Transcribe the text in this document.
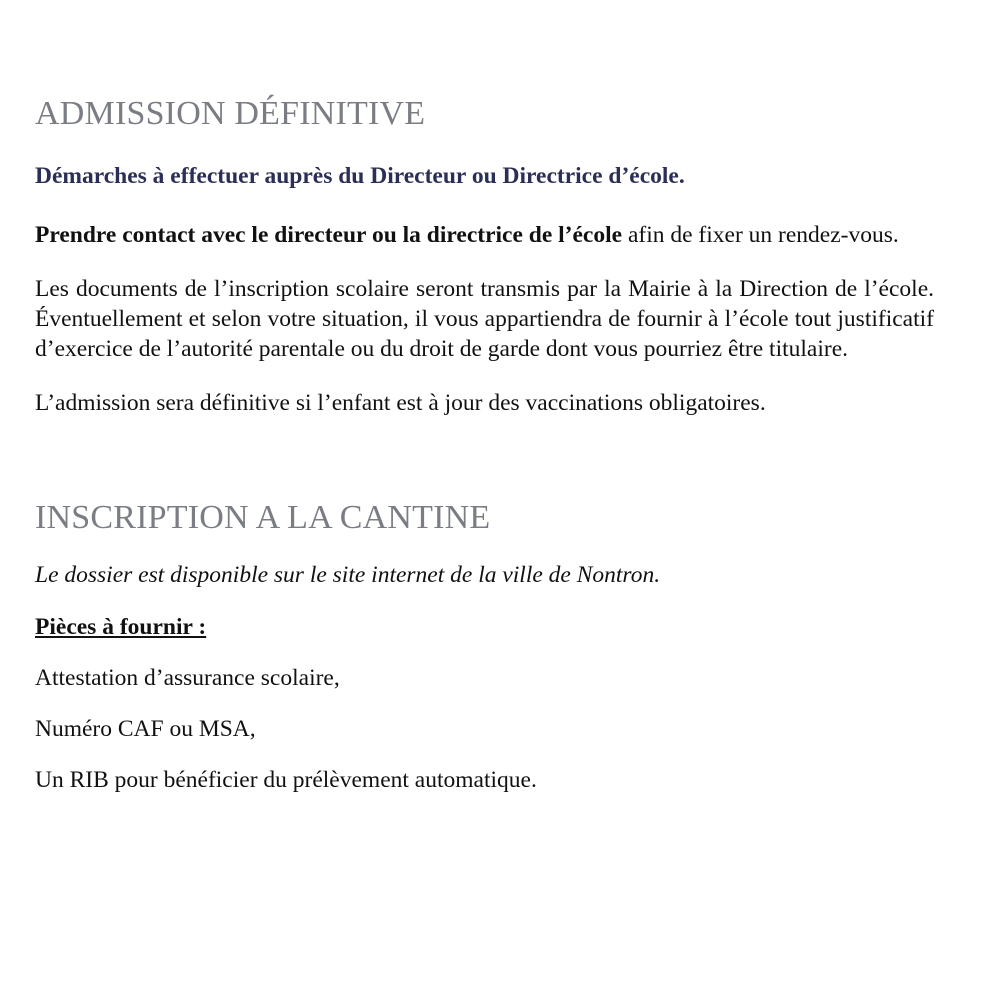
ADMISSION DÉFINITIVE
Démarches à effectuer auprès du Directeur ou Directrice d’école.

Prendre contact avec le directeur ou la directrice de l’école afin de fixer un rendez-vous.

Les documents de l’inscription scolaire seront transmis par la Mairie à la Direction de l’école. Éventuellement et selon votre situation, il vous appartiendra de fournir à l’école tout justificatif d’exercice de l’autorité parentale ou du droit de garde dont vous pourriez être titulaire.

L’admission sera définitive si l’enfant est à jour des vaccinations obligatoires.

INSCRIPTION A LA CANTINE

Le dossier est disponible sur le site internet de la ville de Nontron.

Pièces à fournir :

Attestation d’assurance scolaire,
Numéro CAF ou MSA,
Un RIB pour bénéficier du prélèvement automatique.
